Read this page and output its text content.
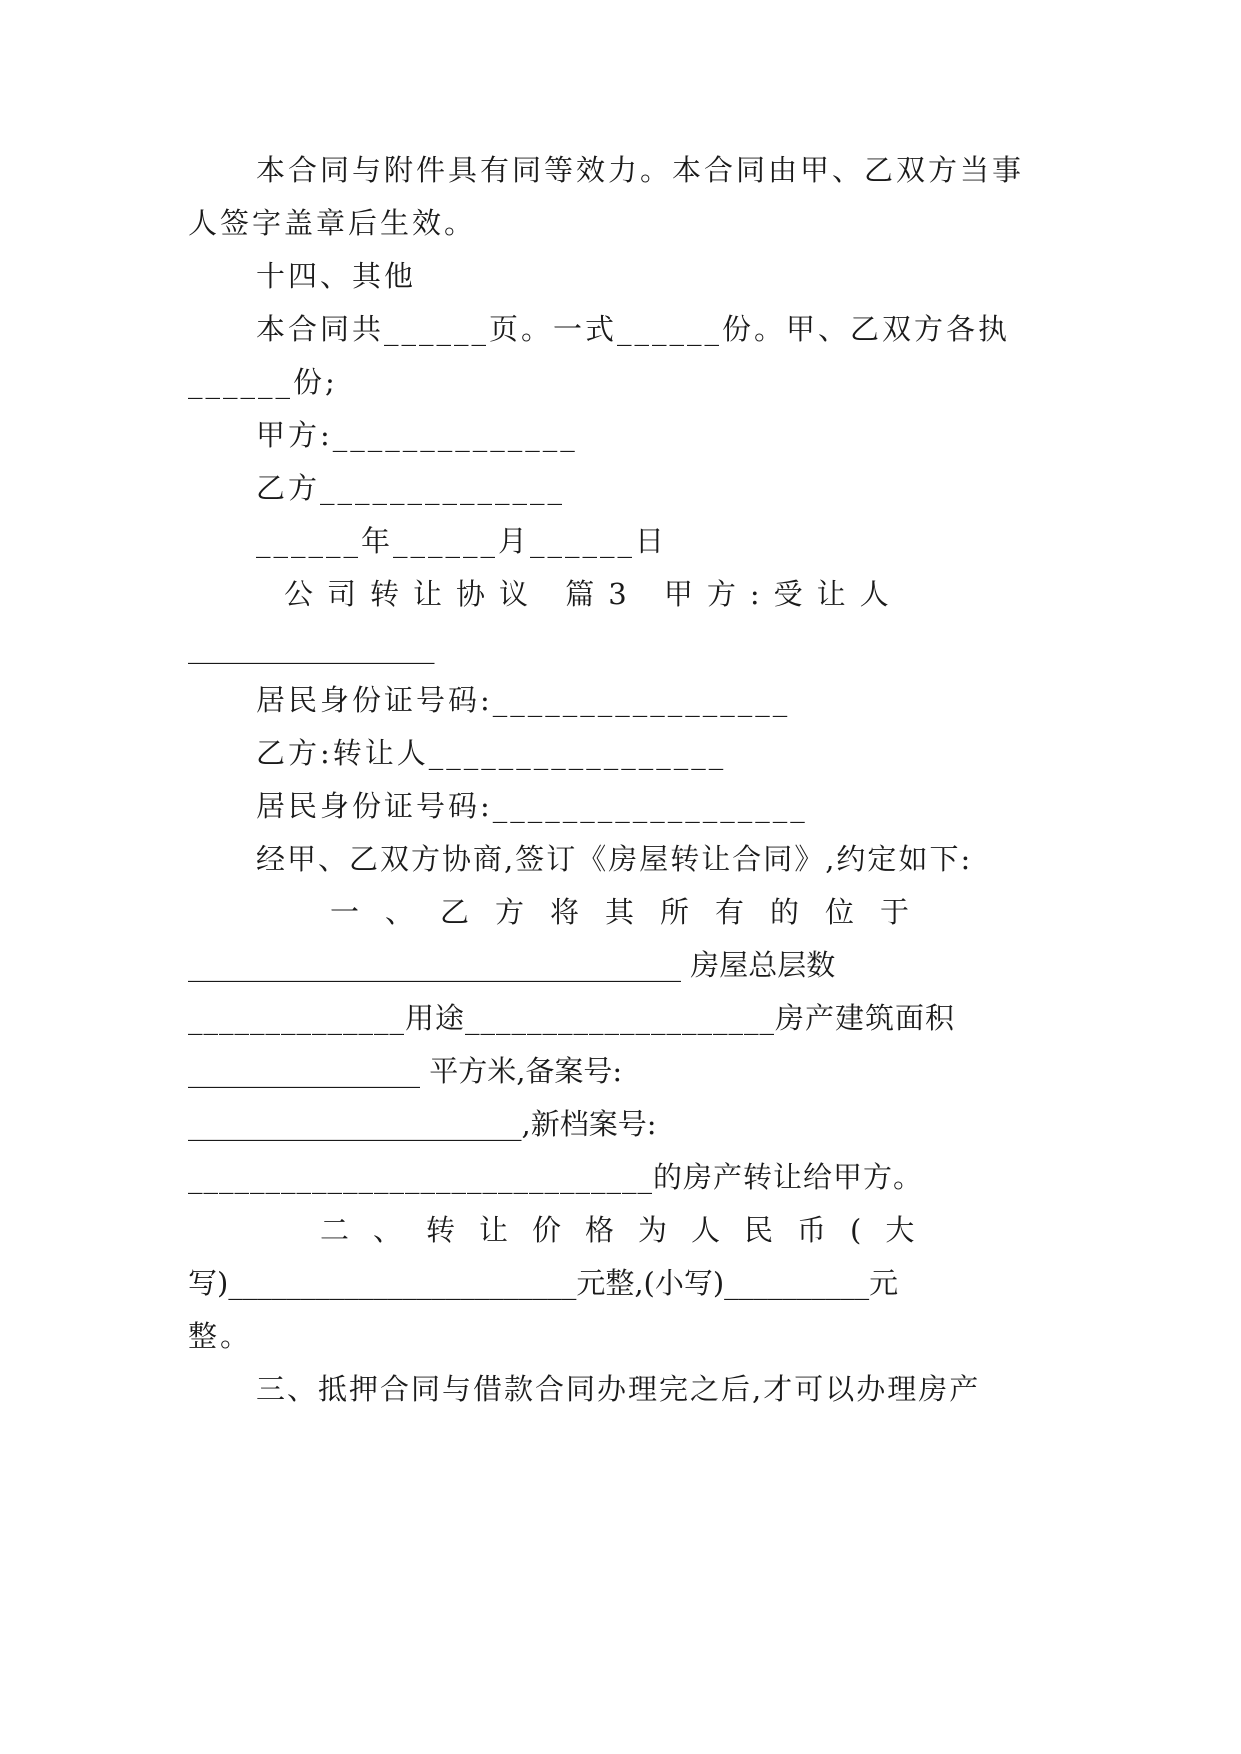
本合同与附件具有同等效力。本合同由甲、乙双方当事
人签字盖章后生效。
十四、其他
本合同共______页。一式______份。甲、乙双方各执
______份;
甲方:______________
乙方______________
______年______月______日
公司转让协议 篇3 甲方:受让人
_________________
居民身份证号码:_________________
乙方:转让人_________________
居民身份证号码:__________________
经甲、乙双方协商,签订《房屋转让合同》,约定如下:
一、乙方将其所有的位于
__________________________________ 房屋总层数
______________用途____________________房产建筑面积
________________ 平方米,备案号:
_______________________,新档案号:
______________________________的房产转让给甲方。
二、转让价格为人民币(大
写)________________________元整,(小写)__________元
整。
三、抵押合同与借款合同办理完之后,才可以办理房产
